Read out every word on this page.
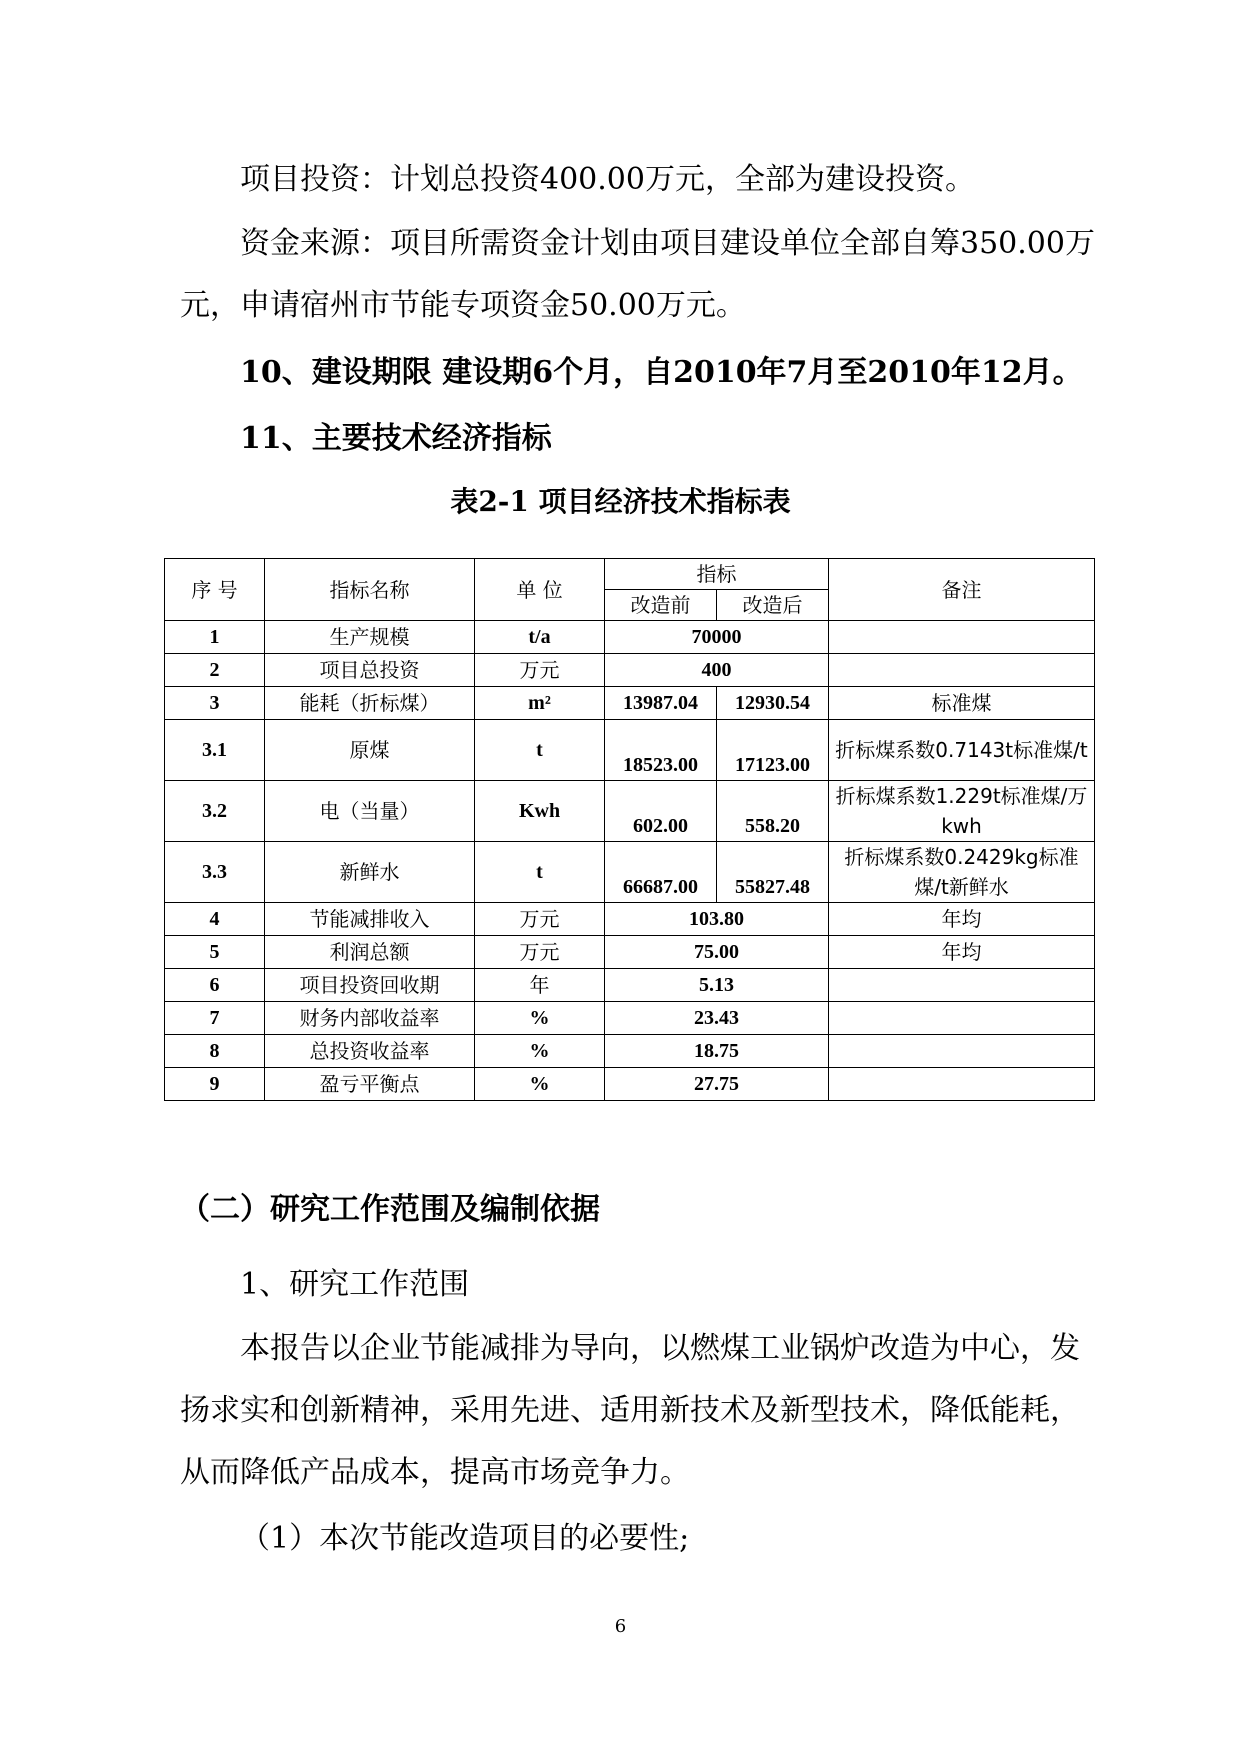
项目投资：计划总投资400.00万元，全部为建设投资。

资金来源：项目所需资金计划由项目建设单位全部自筹350.00万元，申请宿州市节能专项资金50.00万元。

10、建设期限 建设期6个月，自2010年7月至2010年12月。

11、主要技术经济指标

表2-1 项目经济技术指标表
序 号	指标名称	单 位	指标		备注
			改造前	改造后	
1	生产规模	t/a	70000		
2	项目总投资	万元	400		
3	能耗（折标煤）	m²	13987.04	12930.54	标准煤
3.1	原煤	t	18523.00	17123.00	折标煤系数0.7143t标准煤/t
3.2	电（当量）	Kwh	602.00	558.20	折标煤系数1.229t标准煤/万kwh
3.3	新鲜水	t	66687.00	55827.48	折标煤系数0.2429kg标准煤/t新鲜水
4	节能减排收入	万元	103.80		年均
5	利润总额	万元	75.00		年均
6	项目投资回收期	年	5.13		
7	财务内部收益率	%	23.43		
8	总投资收益率	%	18.75		
9	盈亏平衡点	%	27.75		
（二）研究工作范围及编制依据

1、研究工作范围

本报告以企业节能减排为导向，以燃煤工业锅炉改造为中心，发扬求实和创新精神，采用先进、适用新技术及新型技术，降低能耗，从而降低产品成本，提高市场竞争力。

（1）本次节能改造项目的必要性;

6
